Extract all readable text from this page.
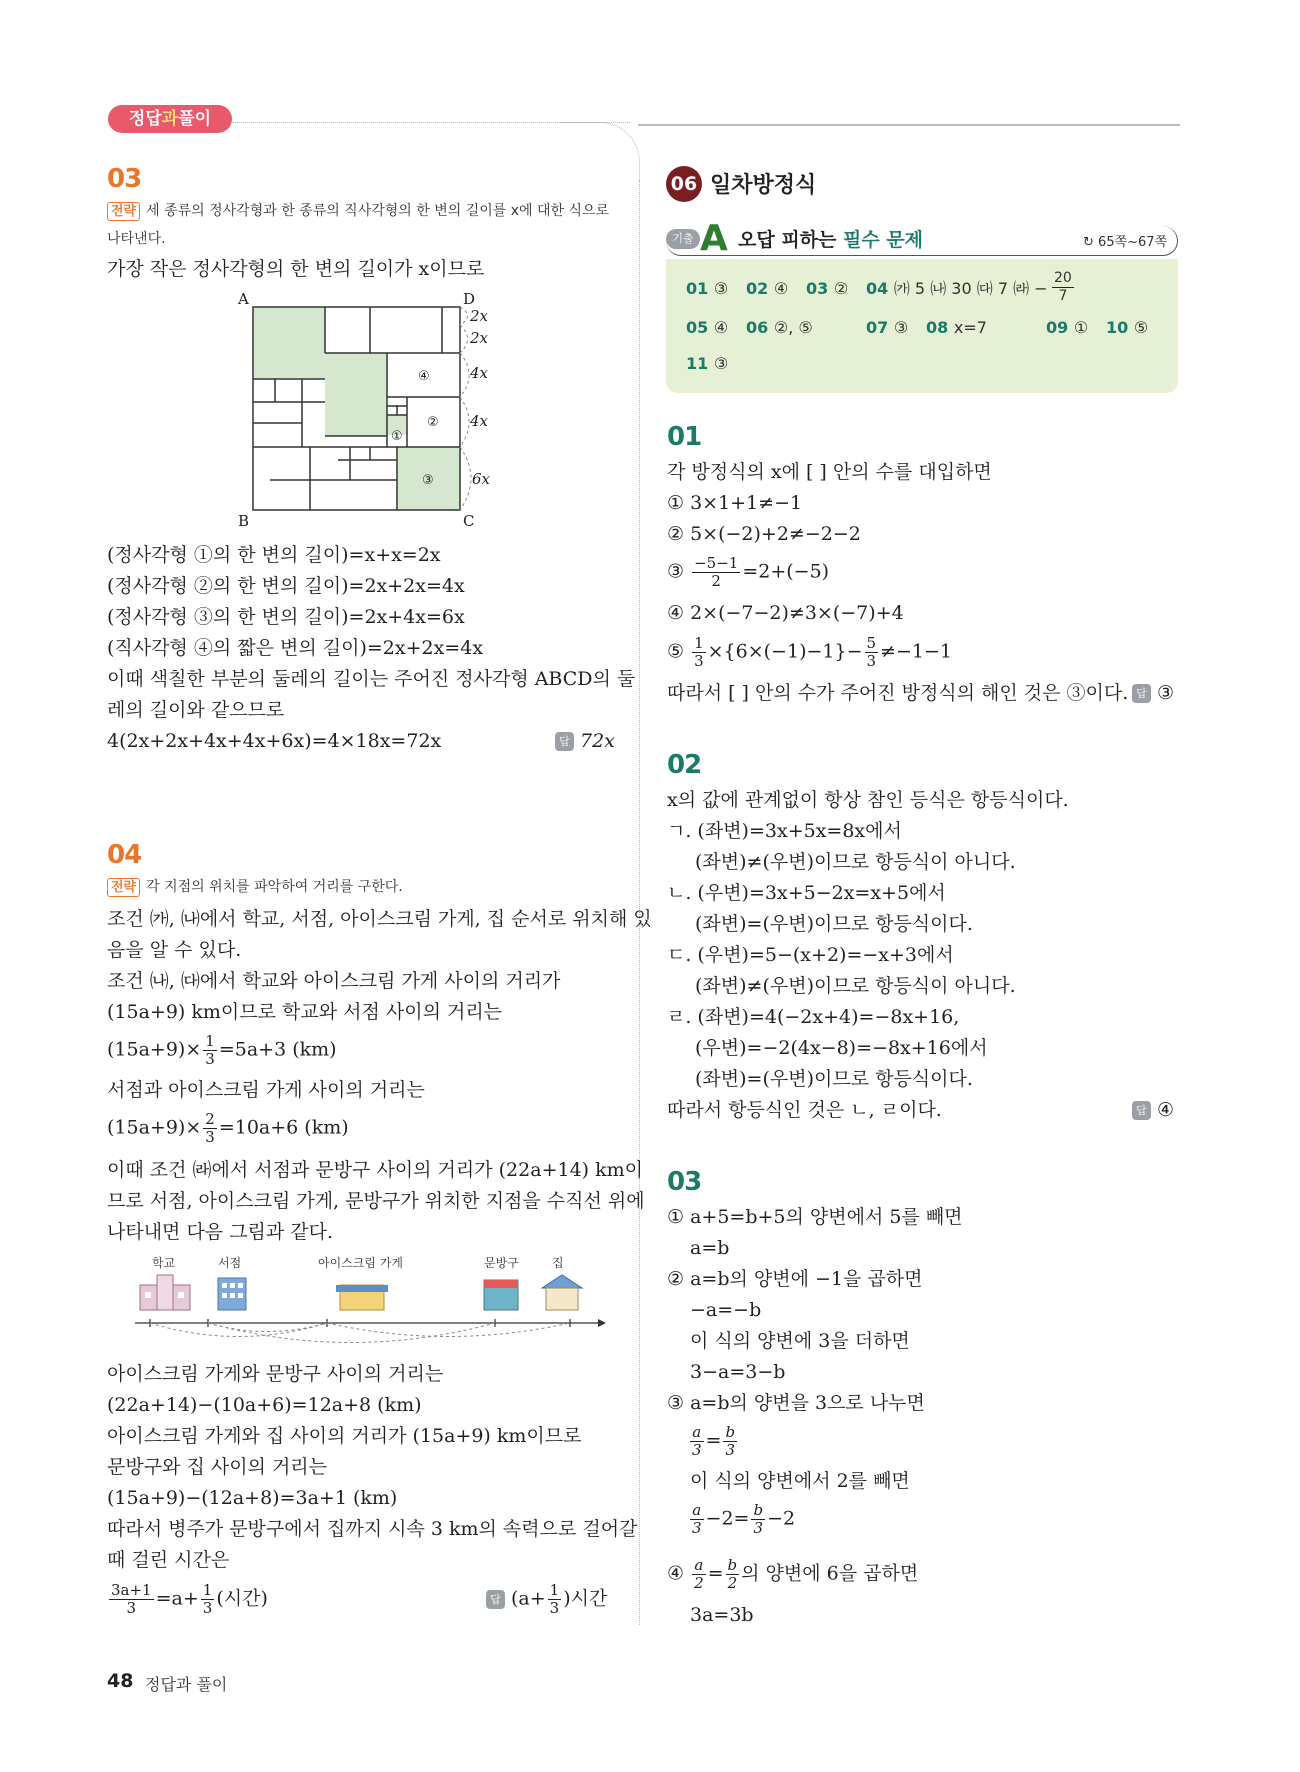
정답과풀이
03
전략 세 종류의 정사각형과 한 종류의 직사각형의 한 변의 길이를 x에 대한 식으로
나타낸다.
가장 작은 정사각형의 한 변의 길이가 x이므로
A
B	C
D
2x
2x
4x
4x
6x
①
②
③
④
(정사각형 ①의 한 변의 길이)=x+x=2x
(정사각형 ②의 한 변의 길이)=2x+2x=4x
(정사각형 ③의 한 변의 길이)=2x+4x=6x
(직사각형 ④의 짧은 변의 길이)=2x+2x=4x
이때 색칠한 부분의 둘레의 길이는 주어진 정사각형 ABCD의 둘
레의 길이와 같으므로
4(2x+2x+4x+4x+6x)=4×18x=72x	답 72x
04
전략 각 지점의 위치를 파악하여 거리를 구한다.
조건 ㈎, ㈏에서 학교, 서점, 아이스크림 가게, 집 순서로 위치해 있
음을 알 수 있다.
조건 ㈏, ㈐에서 학교와 아이스크림 가게 사이의 거리가
(15a+9) km이므로 학교와 서점 사이의 거리는
$(15a+9)\times \frac{1}{3} =5a+3$ (km)
서점과 아이스크림 가게 사이의 거리는
$(15a+9)\times \frac{2}{3} =10a+6$ (km)
이때 조건 ㈑에서 서점과 문방구 사이의 거리가 (22a+14) km이
므로 서점, 아이스크림 가게, 문방구가 위치한 지점을 수직선 위에
나타내면 다음 그림과 같다.
학교	서점	아이스크림 가게	문방구	집
아이스크림 가게와 문방구 사이의 거리는
(22a+14)−(10a+6)=12a+8 (km)
아이스크림 가게와 집 사이의 거리가 (15a+9) km이므로
문방구와 집 사이의 거리는
(15a+9)−(12a+8)=3a+1 (km)
따라서 병주가 문방구에서 집까지 시속 3 km의 속력으로 걸어갈
때 걸린 시간은
$\frac{3a+1}{3} =a+ \frac{1}{3}$ (시간)	답 ($a+ \frac{1}{3}$ )시간
06 일차방정식
기출 A 오답 피하는 필수 문제	↻ 65쪽~67쪽
01 ③ 02 ④ 03 ② 04 ㈎ 5 ㈏ 30 ㈐ 7 ㈑ − $\frac{20}{7}$
05 ④ 06 ②, ⑤	07 ③ 08 x=7	09 ① 10 ⑤
11 ③
01
각 방정식의 x에 [ ] 안의 수를 대입하면
① 3×1+1≠−1
② 5×(−2)+2≠−2−2
③ $\frac{-5-1}{2} =2+(-5)$
④ 2×(−7−2)≠3×(−7)+4
⑤ $\frac{1}{3} \times\{6\times(-1)-1\}- \frac{5}{3} \ne-1-1$
따라서 [ ] 안의 수가 주어진 방정식의 해인 것은 ③이다. 답 ③
02
x의 값에 관계없이 항상 참인 등식은 항등식이다.
ㄱ. (좌변)=3x+5x=8x에서
(좌변)≠(우변)이므로 항등식이 아니다.
ㄴ. (우변)=3x+5−2x=x+5에서
(좌변)=(우변)이므로 항등식이다.
ㄷ. (우변)=5−(x+2)=−x+3에서
(좌변)≠(우변)이므로 항등식이 아니다.
ㄹ. (좌변)=4(−2x+4)=−8x+16,
(우변)=−2(4x−8)=−8x+16에서
(좌변)=(우변)이므로 항등식이다.
따라서 항등식인 것은 ㄴ, ㄹ이다.	답 ④
03
① a+5=b+5의 양변에서 5를 빼면
a=b
② a=b의 양변에 −1을 곱하면
−a=−b
이 식의 양변에 3을 더하면
3−a=3−b
③ a=b의 양변을 3으로 나누면
$\frac{a}{3} = \frac{b}{3}$
이 식의 양변에서 2를 빼면
$\frac{a}{3} -2= \frac{b}{3} -2$
④ $\frac{a}{2} = \frac{b}{2}$ 의 양변에 6을 곱하면
3a=3b
48 정답과 풀이
